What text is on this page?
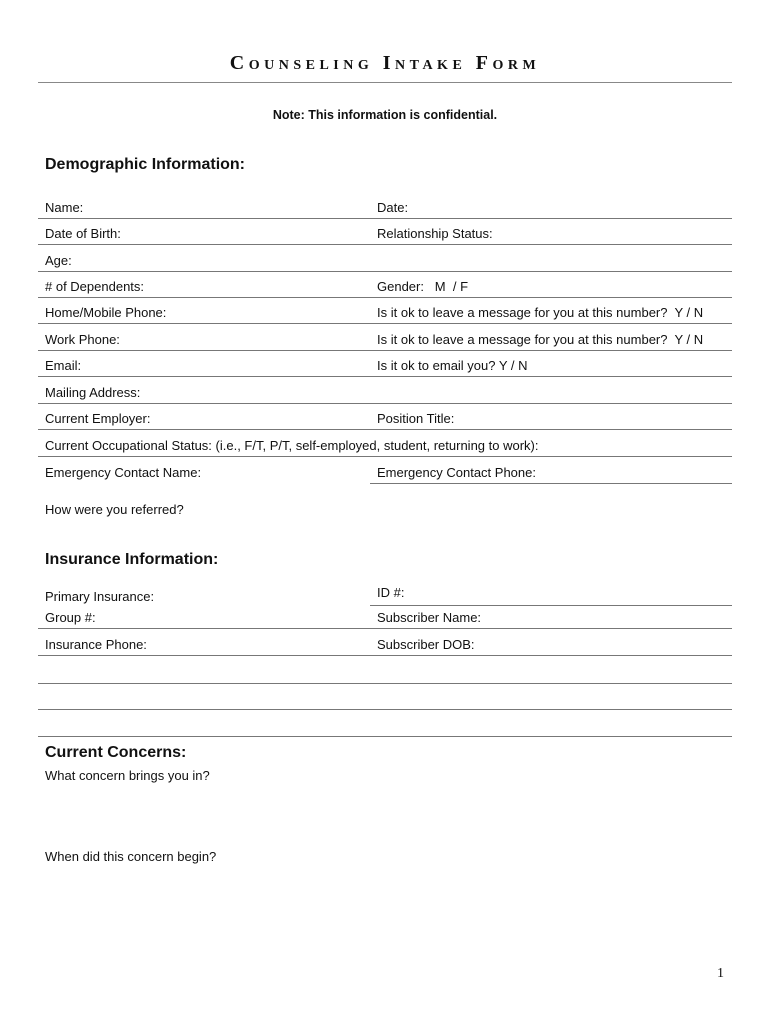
Counseling Intake Form
Note: This information is confidential.
Demographic Information:
Name:	Date:
Date of Birth:	Relationship Status:
Age:
# of Dependents:	Gender:   M  / F
Home/Mobile Phone:	Is it ok to leave a message for you at this number?  Y / N
Work Phone:	Is it ok to leave a message for you at this number?  Y / N
Email:	Is it ok to email you? Y / N
Mailing Address:
Current Employer:	Position Title:
Current Occupational Status: (i.e., F/T, P/T, self-employed, student, returning to work):
Emergency Contact Name:	Emergency Contact Phone:
How were you referred?
Insurance Information:
Primary Insurance:	ID #:
Group #:	Subscriber Name:
Insurance Phone:	Subscriber DOB:
Current Concerns:
What concern brings you in?
When did this concern begin?
1
